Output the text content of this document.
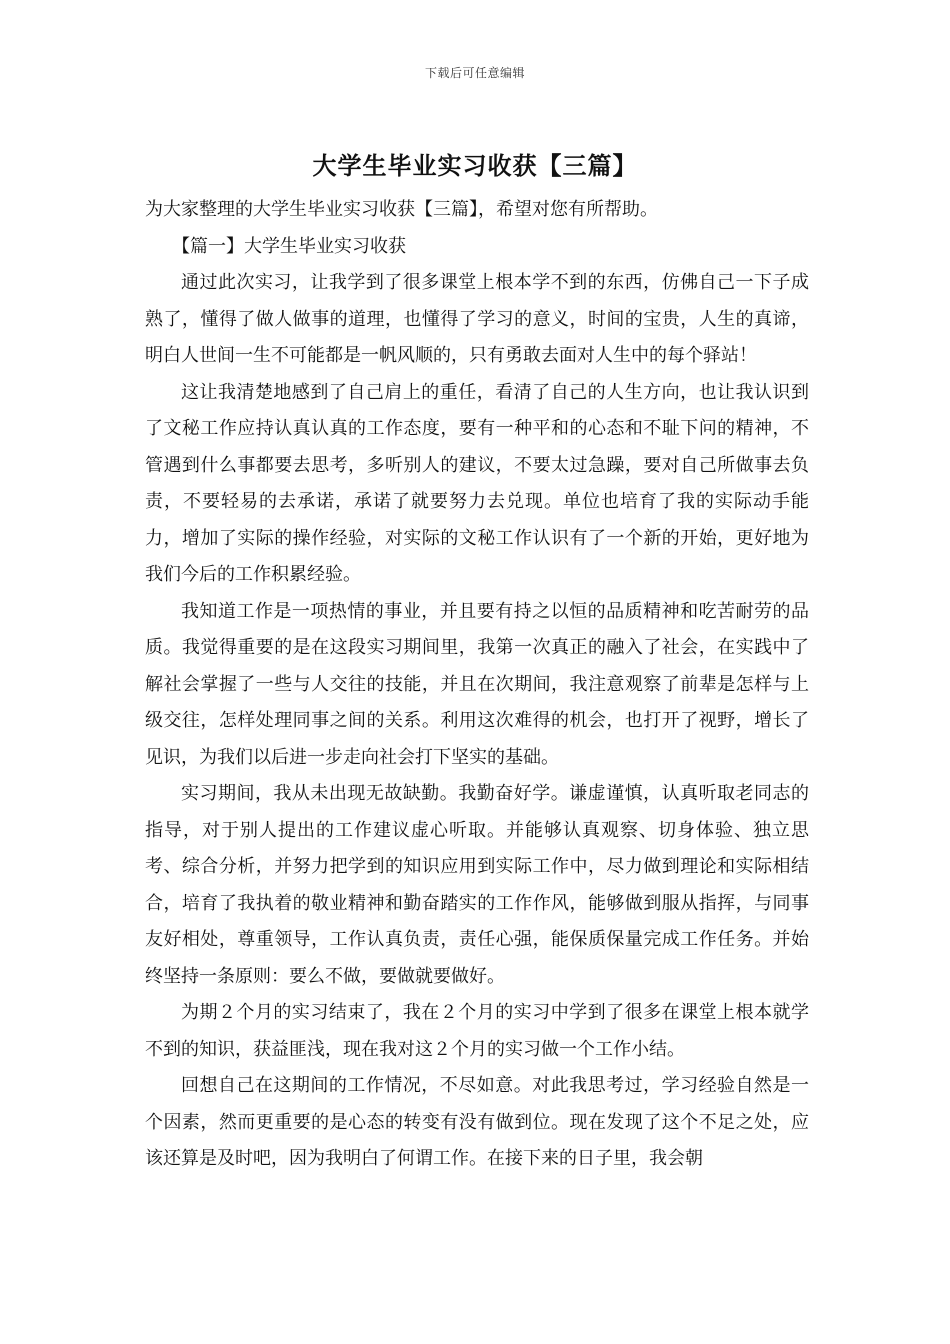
下载后可任意编辑
大学生毕业实习收获【三篇】

为大家整理的大学生毕业实习收获【三篇】，希望对您有所帮助。

【篇一】大学生毕业实习收获

通过此次实习，让我学到了很多课堂上根本学不到的东西，仿佛自己一下子成熟了，懂得了做人做事的道理，也懂得了学习的意义，时间的宝贵，人生的真谛，明白人世间一生不可能都是一帆风顺的，只有勇敢去面对人生中的每个驿站！

这让我清楚地感到了自己肩上的重任，看清了自己的人生方向，也让我认识到了文秘工作应持认真认真的工作态度，要有一种平和的心态和不耻下问的精神，不管遇到什么事都要去思考，多听别人的建议，不要太过急躁，要对自己所做事去负责，不要轻易的去承诺，承诺了就要努力去兑现。单位也培育了我的实际动手能力，增加了实际的操作经验，对实际的文秘工作认识有了一个新的开始，更好地为我们今后的工作积累经验。

我知道工作是一项热情的事业，并且要有持之以恒的品质精神和吃苦耐劳的品质。我觉得重要的是在这段实习期间里，我第一次真正的融入了社会，在实践中了解社会掌握了一些与人交往的技能，并且在次期间，我注意观察了前辈是怎样与上级交往，怎样处理同事之间的关系。利用这次难得的机会，也打开了视野，增长了见识，为我们以后进一步走向社会打下坚实的基础。

实习期间，我从未出现无故缺勤。我勤奋好学。谦虚谨慎，认真听取老同志的指导，对于别人提出的工作建议虚心听取。并能够认真观察、切身体验、独立思考、综合分析，并努力把学到的知识应用到实际工作中，尽力做到理论和实际相结合，培育了我执着的敬业精神和勤奋踏实的工作作风，能够做到服从指挥，与同事友好相处，尊重领导，工作认真负责，责任心强，能保质保量完成工作任务。并始终坚持一条原则：要么不做，要做就要做好。

为期２个月的实习结束了，我在２个月的实习中学到了很多在课堂上根本就学不到的知识，获益匪浅，现在我对这２个月的实习做一个工作小结。

回想自己在这期间的工作情况，不尽如意。对此我思考过，学习经验自然是一个因素，然而更重要的是心态的转变有没有做到位。现在发现了这个不足之处，应该还算是及时吧，因为我明白了何谓工作。在接下来的日子里，我会朝
